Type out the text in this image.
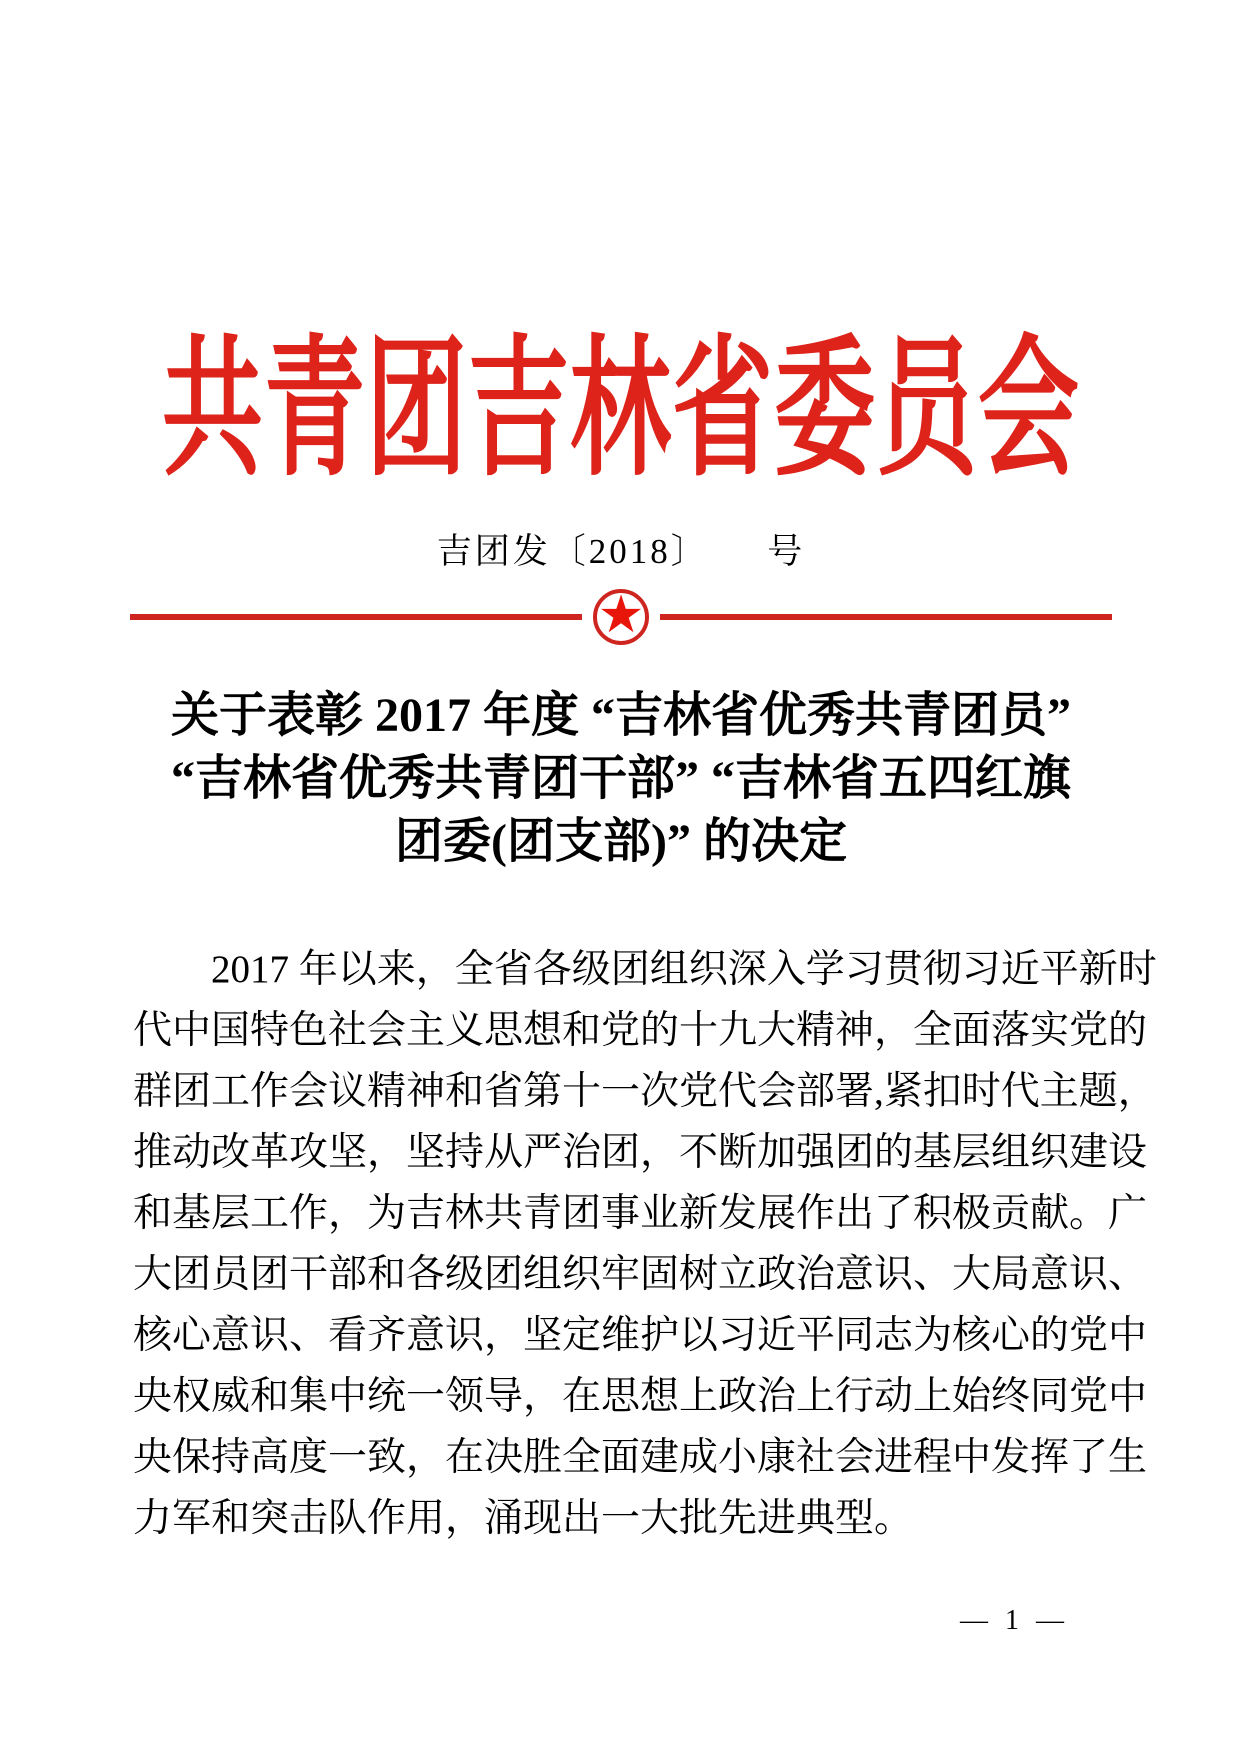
共青团吉林省委员会
吉团发〔2018〕　　号
★
关于表彰 2017 年度 “吉林省优秀共青团员”
“吉林省优秀共青团干部” “吉林省五四红旗
团委(团支部)” 的决定
2017 年以来，全省各级团组织深入学习贯彻习近平新时
代中国特色社会主义思想和党的十九大精神，全面落实党的
群团工作会议精神和省第十一次党代会部署,紧扣时代主题，
推动改革攻坚，坚持从严治团，不断加强团的基层组织建设
和基层工作，为吉林共青团事业新发展作出了积极贡献。广
大团员团干部和各级团组织牢固树立政治意识、大局意识、
核心意识、看齐意识，坚定维护以习近平同志为核心的党中
央权威和集中统一领导，在思想上政治上行动上始终同党中
央保持高度一致，在决胜全面建成小康社会进程中发挥了生
力军和突击队作用，涌现出一大批先进典型。
— 1 —
